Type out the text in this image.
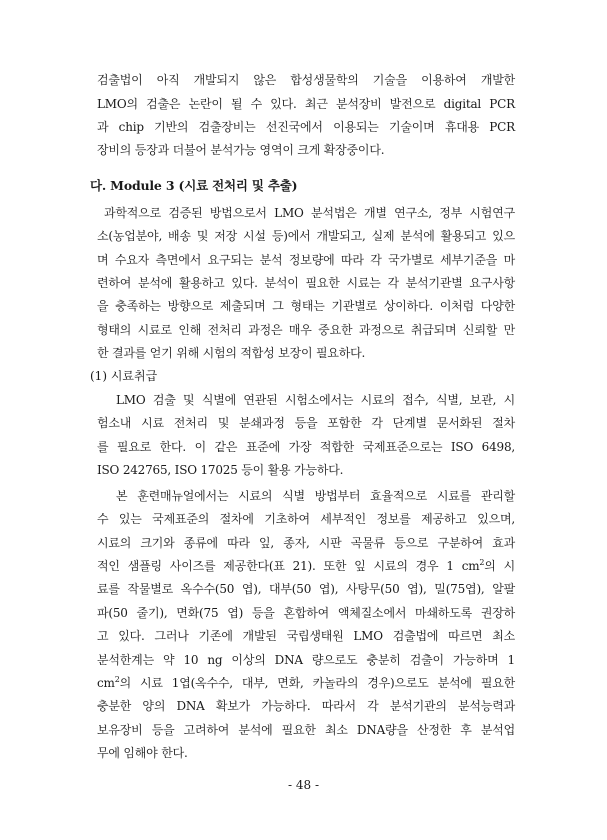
검출법이 아직 개발되지 않은 합성생물학의 기술을 이용하여 개발한
LMO의 검출은 논란이 될 수 있다. 최근 분석장비 발전으로 digital PCR
과 chip 기반의 검출장비는 선진국에서 이용되는 기술이며 휴대용 PCR
장비의 등장과 더불어 분석가능 영역이 크게 확장중이다.
다. Module 3 (시료 전처리 및 추출)
과학적으로 검증된 방법으로서 LMO 분석법은 개별 연구소, 정부 시험연구
소(농업분야, 배송 및 저장 시설 등)에서 개발되고, 실제 분석에 활용되고 있으
며 수요자 측면에서 요구되는 분석 정보량에 따라 각 국가별로 세부기준을 마
련하여 분석에 활용하고 있다. 분석이 필요한 시료는 각 분석기관별 요구사항
을 충족하는 방향으로 제출되며 그 형태는 기관별로 상이하다. 이처럼 다양한
형태의 시료로 인해 전처리 과정은 매우 중요한 과정으로 취급되며 신뢰할 만
한 결과를 얻기 위해 시험의 적합성 보장이 필요하다.
(1) 시료취급
LMO 검출 및 식별에 연관된 시험소에서는 시료의 접수, 식별, 보관, 시
험소내 시료 전처리 및 분쇄과정 등을 포함한 각 단계별 문서화된 절차
를 필요로 한다. 이 같은 표준에 가장 적합한 국제표준으로는 ISO 6498,
ISO 242765, ISO 17025 등이 활용 가능하다.
본 훈련매뉴얼에서는 시료의 식별 방법부터 효율적으로 시료를 관리할
수 있는 국제표준의 절차에 기초하여 세부적인 정보를 제공하고 있으며,
시료의 크기와 종류에 따라 잎, 종자, 시판 곡물류 등으로 구분하여 효과
적인 샘플링 사이즈를 제공한다(표 21). 또한 잎 시료의 경우 1 $cm^2$의 시
료를 작물별로 옥수수(50 엽), 대부(50 엽), 사탕무(50 엽), 밀(75엽), 알팔
파(50 줄기), 면화(75 엽) 등을 혼합하여 액체질소에서 마쇄하도록 권장하
고 있다. 그러나 기존에 개발된 국립생태원 LMO 검출법에 따르면 최소
분석한계는 약 10 ng 이상의 DNA 량으로도 충분히 검출이 가능하며 1
$cm^2$의 시료 1엽(옥수수, 대부, 면화, 카놀라의 경우)으로도 분석에 필요한
충분한 양의 DNA 확보가 가능하다. 따라서 각 분석기관의 분석능력과
보유장비 등을 고려하여 분석에 필요한 최소 DNA량을 산정한 후 분석업
무에 임해야 한다.
- 48 -
